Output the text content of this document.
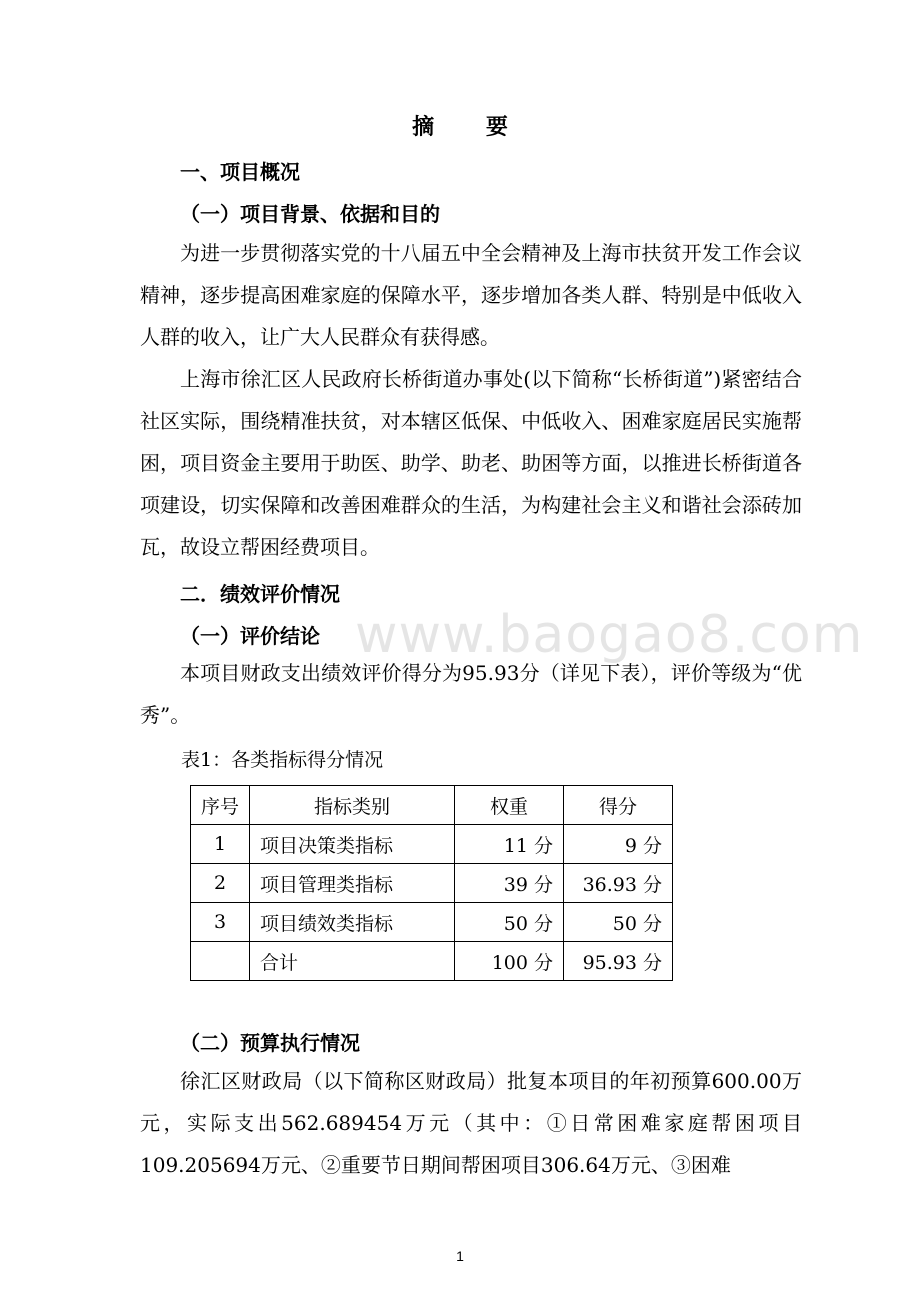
摘 要
一、项目概况
（一）项目背景、依据和目的

为进一步贯彻落实党的十八届五中全会精神及上海市扶贫开发工作会议精神，逐步提高困难家庭的保障水平，逐步增加各类人群、特别是中低收入人群的收入，让广大人民群众有获得感。

上海市徐汇区人民政府长桥街道办事处(以下简称“长桥街道”)紧密结合社区实际，围绕精准扶贫，对本辖区低保、中低收入、困难家庭居民实施帮困，项目资金主要用于助医、助学、助老、助困等方面，以推进长桥街道各项建设，切实保障和改善困难群众的生活，为构建社会主义和谐社会添砖加瓦，故设立帮困经费项目。

二．绩效评价情况
（一）评价结论

本项目财政支出绩效评价得分为95.93分（详见下表），评价等级为“优秀”。

表1：各类指标得分情况
序号	指标类别	权重	得分
1	项目决策类指标	11 分	9 分
2	项目管理类指标	39 分	36.93 分
3	项目绩效类指标	50 分	50 分
	合计	100 分	95.93 分
（二）预算执行情况

徐汇区财政局（以下简称区财政局）批复本项目的年初预算600.00万元，实际支出562.689454万元（其中：①日常困难家庭帮困项目109.205694万元、②重要节日期间帮困项目306.64万元、③困难

www.baogao8.com
1
